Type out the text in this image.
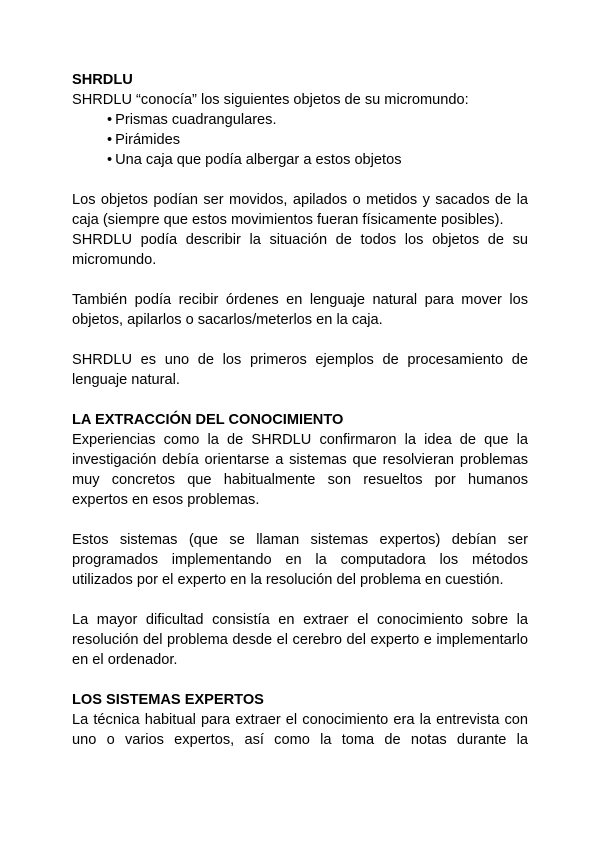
SHRDLU

SHRDLU “conocía” los siguientes objetos de su micromundo:

• Prismas cuadrangulares.
• Pirámides
• Una caja que podía albergar a estos objetos

Los objetos podían ser movidos, apilados o metidos y sacados de la caja (siempre que estos movimientos fueran físicamente posibles).

SHRDLU podía describir la situación de todos los objetos de su micromundo.

También podía recibir órdenes en lenguaje natural para mover los objetos, apilarlos o sacarlos/meterlos en la caja.

SHRDLU es uno de los primeros ejemplos de procesamiento de lenguaje natural.

LA EXTRACCIÓN DEL CONOCIMIENTO

Experiencias como la de SHRDLU confirmaron la idea de que la investigación debía orientarse a sistemas que resolvieran problemas muy concretos que habitualmente son resueltos por humanos expertos en esos problemas.

Estos sistemas (que se llaman sistemas expertos) debían ser programados implementando en la computadora los métodos utilizados por el experto en la resolución del problema en cuestión.

La mayor dificultad consistía en extraer el conocimiento sobre la resolución del problema desde el cerebro del experto e implementarlo en el ordenador.

LOS SISTEMAS EXPERTOS

La técnica habitual para extraer el conocimiento era la entrevista con uno o varios expertos, así como la toma de notas durante la
